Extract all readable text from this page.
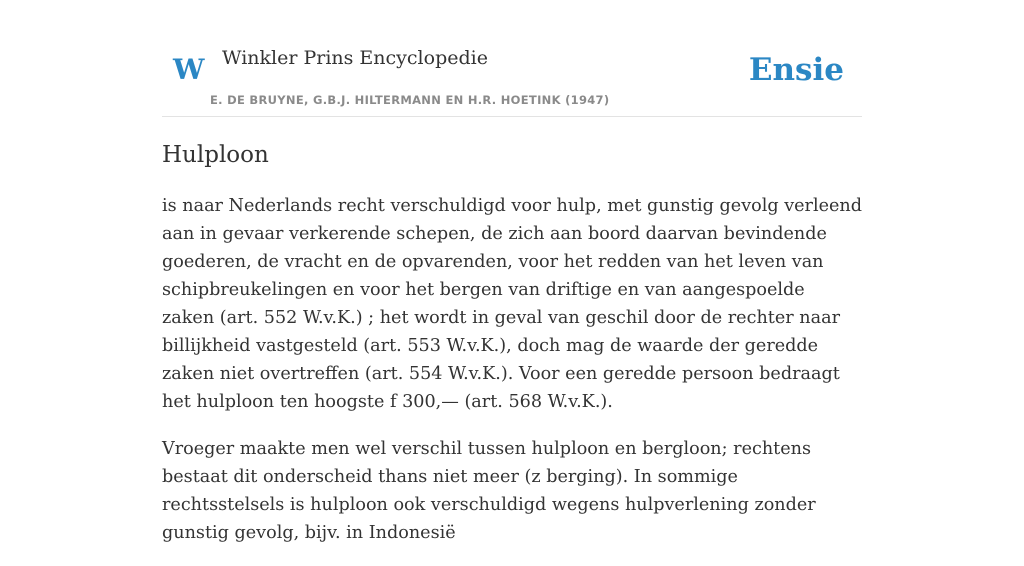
W Winkler Prins Encyclopedie
E. DE BRUYNE, G.B.J. HILTERMANN EN H.R. HOETINK (1947)
Ensie
Hulploon

is naar Nederlands recht verschuldigd voor hulp, met gunstig gevolg verleend aan in gevaar verkerende schepen, de zich aan boord daarvan bevindende goederen, de vracht en de opvarenden, voor het redden van het leven van schipbreukelingen en voor het bergen van driftige en van aangespoelde zaken (art. 552 W.v.K.) ; het wordt in geval van geschil door de rechter naar billijkheid vastgesteld (art. 553 W.v.K.), doch mag de waarde der geredde zaken niet overtreffen (art. 554 W.v.K.). Voor een geredde persoon bedraagt het hulploon ten hoogste f 300,— (art. 568 W.v.K.).

Vroeger maakte men wel verschil tussen hulploon en bergloon; rechtens bestaat dit onderscheid thans niet meer (z berging). In sommige rechtsstelsels is hulploon ook verschuldigd wegens hulpverlening zonder gunstig gevolg, bijv. in Indonesië
